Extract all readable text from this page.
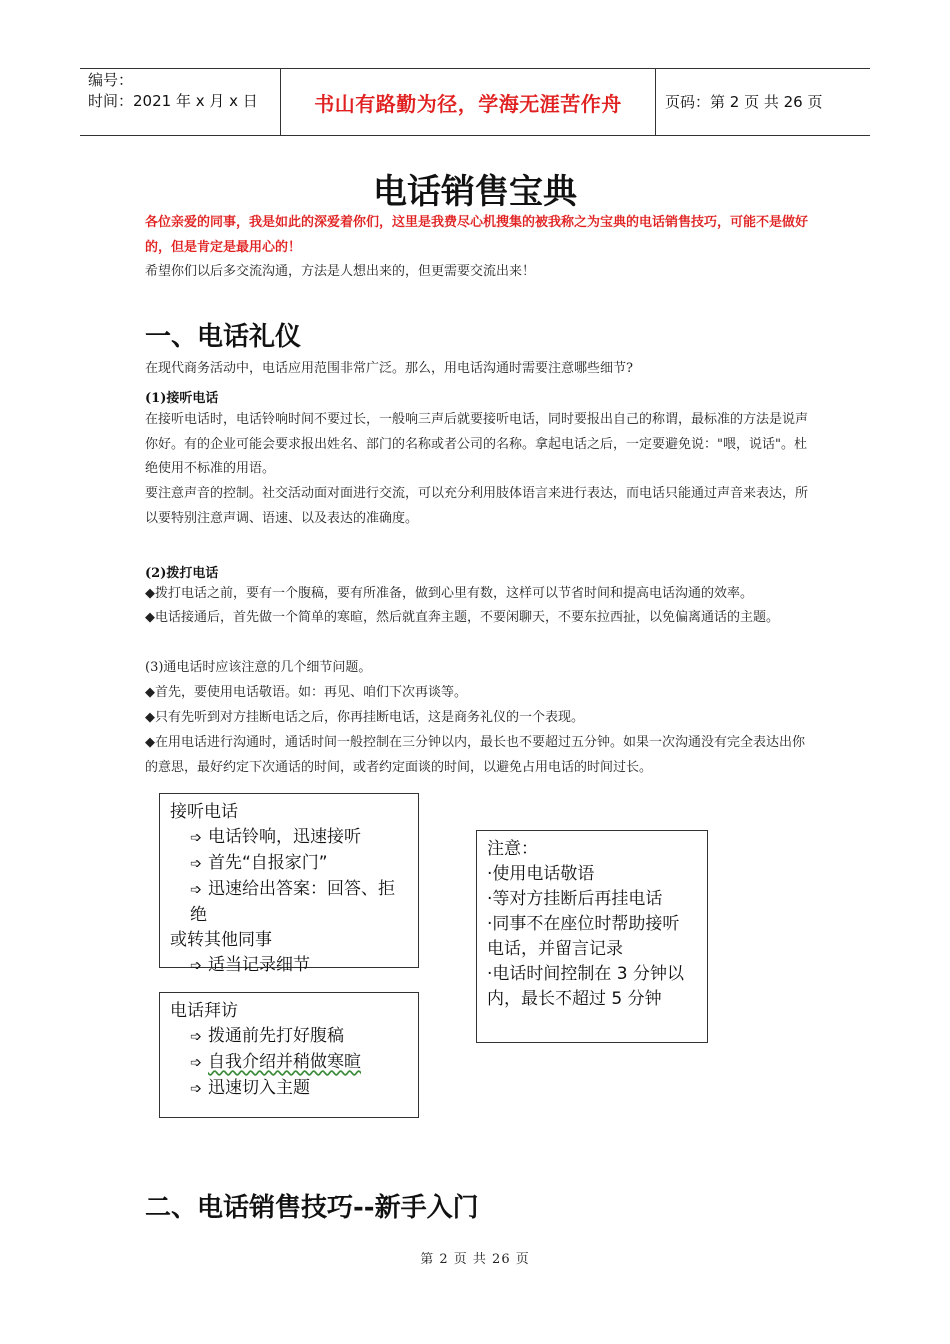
编号：
时间：2021 年 x 月 x 日	书山有路勤为径，学海无涯苦作舟	页码：第 2 页 共 26 页
电话销售宝典
各位亲爱的同事，我是如此的深爱着你们，这里是我费尽心机搜集的被我称之为宝典的电话销售技巧，可能不是做好的，但是肯定是最用心的！
希望你们以后多交流沟通，方法是人想出来的，但更需要交流出来！
一、电话礼仪
在现代商务活动中，电话应用范围非常广泛。那么，用电话沟通时需要注意哪些细节?
(1)接听电话
在接听电话时，电话铃响时间不要过长，一般响三声后就要接听电话，同时要报出自己的称谓，最标准的方法是说声你好。有的企业可能会要求报出姓名、部门的名称或者公司的名称。拿起电话之后，一定要避免说："喂，说话"。杜绝使用不标准的用语。
要注意声音的控制。社交活动面对面进行交流，可以充分利用肢体语言来进行表达，而电话只能通过声音来表达，所以要特别注意声调、语速、以及表达的准确度。
(2)拨打电话
◆拨打电话之前，要有一个腹稿，要有所准备，做到心里有数，这样可以节省时间和提高电话沟通的效率。
◆电话接通后，首先做一个简单的寒暄，然后就直奔主题，不要闲聊天，不要东拉西扯，以免偏离通话的主题。
(3)通电话时应该注意的几个细节问题。
◆首先，要使用电话敬语。如：再见、咱们下次再谈等。
◆只有先听到对方挂断电话之后，你再挂断电话，这是商务礼仪的一个表现。
◆在用电话进行沟通时，通话时间一般控制在三分钟以内，最长也不要超过五分钟。如果一次沟通没有完全表达出你的意思，最好约定下次通话的时间，或者约定面谈的时间，以避免占用电话的时间过长。
接听电话
➩ 电话铃响，迅速接听
➩ 首先“自报家门”
➩ 迅速给出答案：回答、拒绝
或转其他同事
➩ 适当记录细节
电话拜访
➩ 拨通前先打好腹稿
➩ 自我介绍并稍做寒暄
➩ 迅速切入主题
注意：
·使用电话敬语
·等对方挂断后再挂电话
·同事不在座位时帮助接听
电话，并留言记录
·电话时间控制在 3 分钟以
内，最长不超过 5 分钟
二、电话销售技巧--新手入门
第 2 页 共 26 页
